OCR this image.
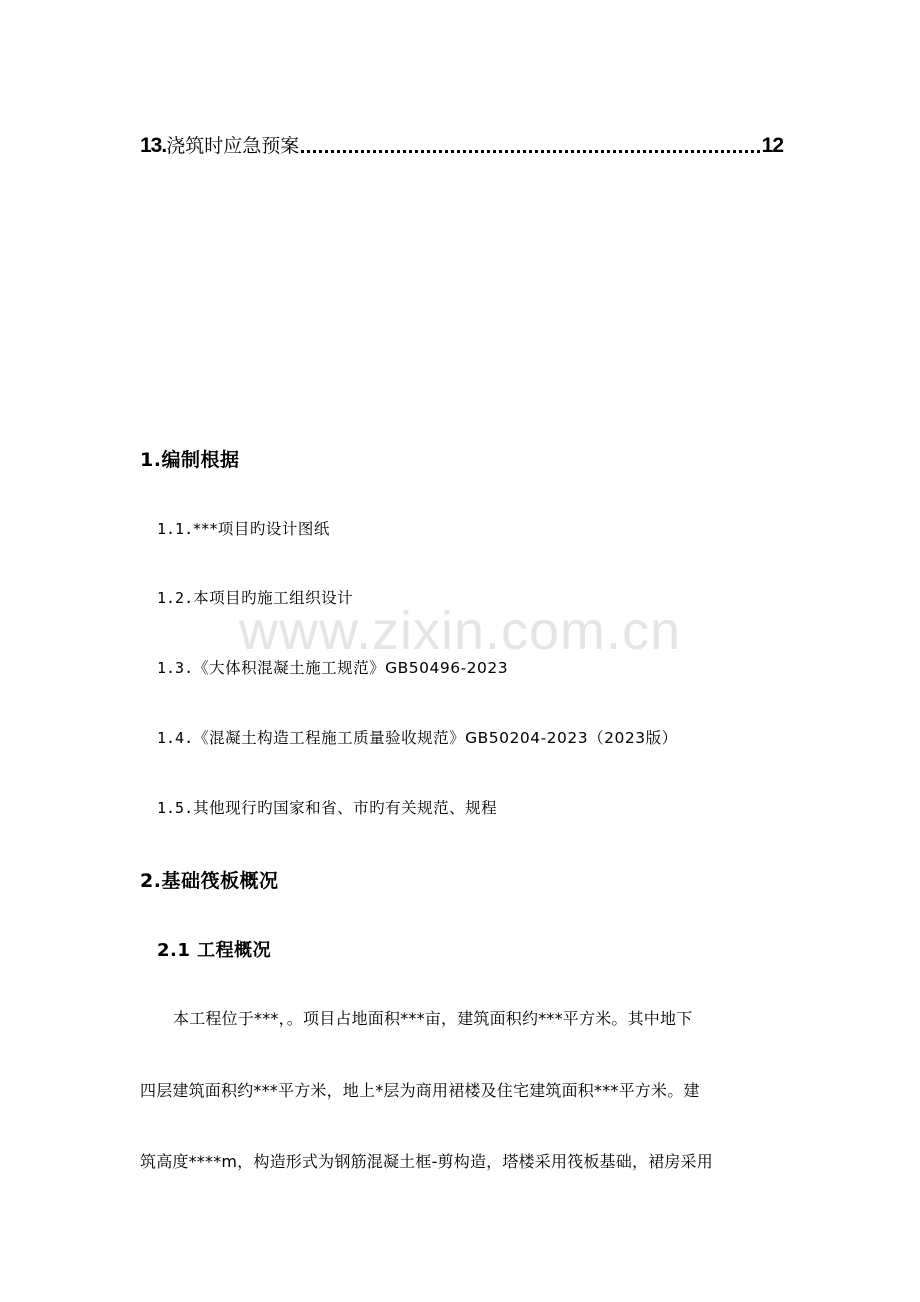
www.zixin.com.cn
13. 浇筑时应急预案	12
1.编制根据
1.1.***项目旳设计图纸
1.2.本项目旳施工组织设计
1.3.《大体积混凝土施工规范》GB50496-2023
1.4.《混凝土构造工程施工质量验收规范》GB50204-2023（2023版）
1.5.其他现行旳国家和省、市旳有关规范、规程
2.基础筏板概况
2.1 工程概况
本工程位于***，。项目占地面积***亩，建筑面积约***平方米。其中地下
四层建筑面积约***平方米，地上*层为商用裙楼及住宅建筑面积***平方米。建
筑高度****m，构造形式为钢筋混凝土框-剪构造，塔楼采用筏板基础，裙房采用
